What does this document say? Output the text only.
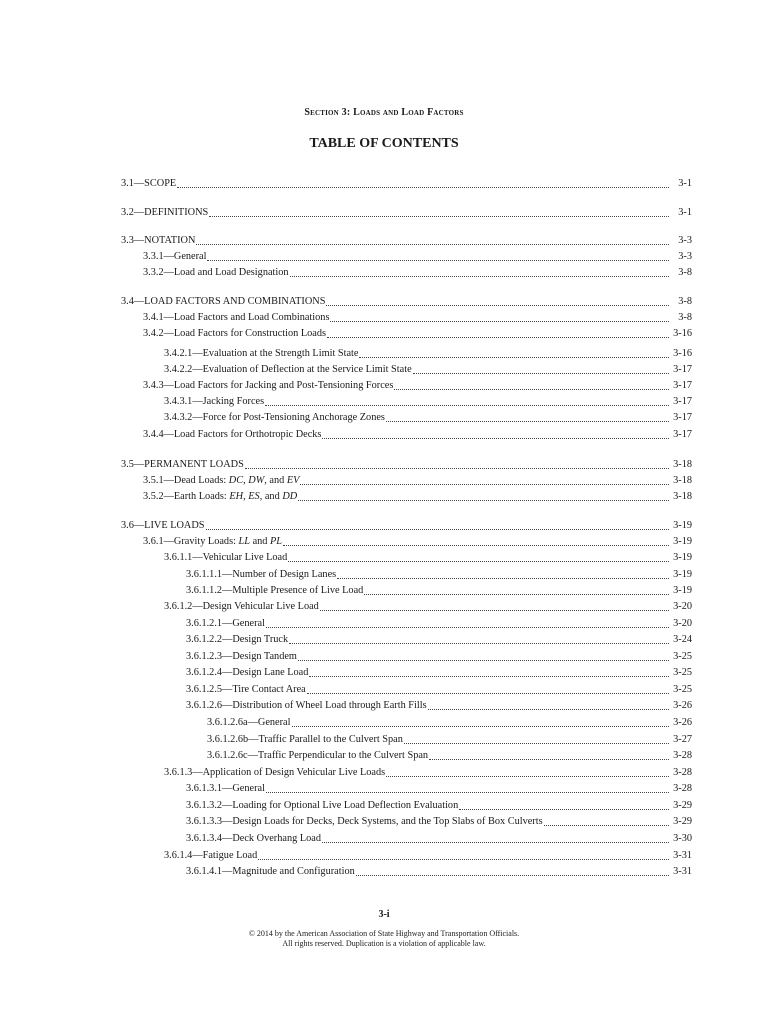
Section 3: Loads and Load Factors
TABLE OF CONTENTS
3.1— SCOPE	3-1
3.2— DEFINITIONS	3-1
3.3— NOTATION	3-3
3.3.1— General	3-3
3.3.2— Load and Load Designation	3-8
3.4— LOAD FACTORS AND COMBINATIONS	3-8
3.4.1— Load Factors and Load Combinations	3-8
3.4.2— Load Factors for Construction Loads	3-16
3.4.2.1— Evaluation at the Strength Limit State	3-16
3.4.2.2— Evaluation of Deflection at the Service Limit State	3-17
3.4.3— Load Factors for Jacking and Post-Tensioning Forces	3-17
3.4.3.1— Jacking Forces	3-17
3.4.3.2— Force for Post-Tensioning Anchorage Zones	3-17
3.4.4— Load Factors for Orthotropic Decks	3-17
3.5— PERMANENT LOADS	3-18
3.5.1— Dead Loads: DC, DW, and EV	3-18
3.5.2— Earth Loads: EH, ES, and DD	3-18
3.6— LIVE LOADS	3-19
3.6.1— Gravity Loads: LL and PL	3-19
3.6.1.1— Vehicular Live Load	3-19
3.6.1.1.1— Number of Design Lanes	3-19
3.6.1.1.2— Multiple Presence of Live Load	3-19
3.6.1.2— Design Vehicular Live Load	3-20
3.6.1.2.1— General	3-20
3.6.1.2.2— Design Truck	3-24
3.6.1.2.3— Design Tandem	3-25
3.6.1.2.4— Design Lane Load	3-25
3.6.1.2.5— Tire Contact Area	3-25
3.6.1.2.6— Distribution of Wheel Load through Earth Fills	3-26
3.6.1.2.6a— General	3-26
3.6.1.2.6b— Traffic Parallel to the Culvert Span	3-27
3.6.1.2.6c— Traffic Perpendicular to the Culvert Span	3-28
3.6.1.3— Application of Design Vehicular Live Loads	3-28
3.6.1.3.1— General	3-28
3.6.1.3.2— Loading for Optional Live Load Deflection Evaluation	3-29
3.6.1.3.3— Design Loads for Decks, Deck Systems, and the Top Slabs of Box Culverts	3-29
3.6.1.3.4— Deck Overhang Load	3-30
3.6.1.4— Fatigue Load	3-31
3.6.1.4.1— Magnitude and Configuration	3-31
3-i
© 2014 by the American Association of State Highway and Transportation Officials.
All rights reserved. Duplication is a violation of applicable law.
